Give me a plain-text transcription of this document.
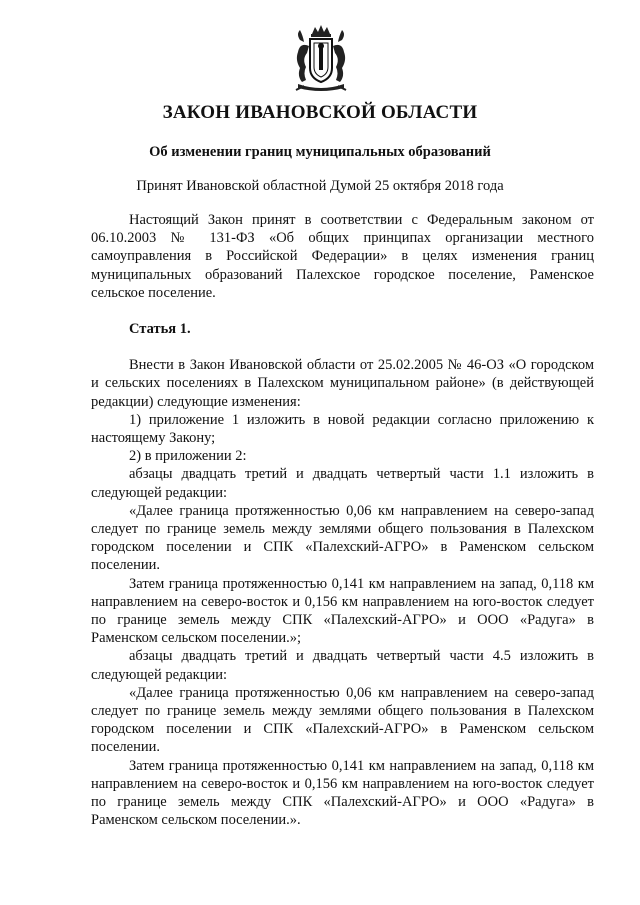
ЗАКОН ИВАНОВСКОЙ ОБЛАСТИ
Об изменении границ муниципальных образований
Принят Ивановской областной Думой 25 октября 2018 года

Настоящий Закон принят в соответствии с Федеральным законом от 06.10.2003 № 131-ФЗ «Об общих принципах организации местного самоуправления в Российской Федерации» в целях изменения границ муниципальных образований Палехское городское поселение, Раменское сельское поселение.

Статья 1.

Внести в Закон Ивановской области от 25.02.2005 № 46-ОЗ «О городском и сельских поселениях в Палехском муниципальном районе» (в действующей редакции) следующие изменения:

1) приложение 1 изложить в новой редакции согласно приложению к настоящему Закону;

2) в приложении 2:

абзацы двадцать третий и двадцать четвертый части 1.1 изложить в следующей редакции:

«Далее граница протяженностью 0,06 км направлением на северо-запад следует по границе земель между землями общего пользования в Палехском городском поселении и СПК «Палехский-АГРО» в Раменском сельском поселении.

Затем граница протяженностью 0,141 км направлением на запад, 0,118 км направлением на северо-восток и 0,156 км направлением на юго-восток следует по границе земель между СПК «Палехский-АГРО» и ООО «Радуга» в Раменском сельском поселении.»;

абзацы двадцать третий и двадцать четвертый части 4.5 изложить в следующей редакции:

«Далее граница протяженностью 0,06 км направлением на северо-запад следует по границе земель между землями общего пользования в Палехском городском поселении и СПК «Палехский-АГРО» в Раменском сельском поселении.

Затем граница протяженностью 0,141 км направлением на запад, 0,118 км направлением на северо-восток и 0,156 км направлением на юго-восток следует по границе земель между СПК «Палехский-АГРО» и ООО «Радуга» в Раменском сельском поселении.».
